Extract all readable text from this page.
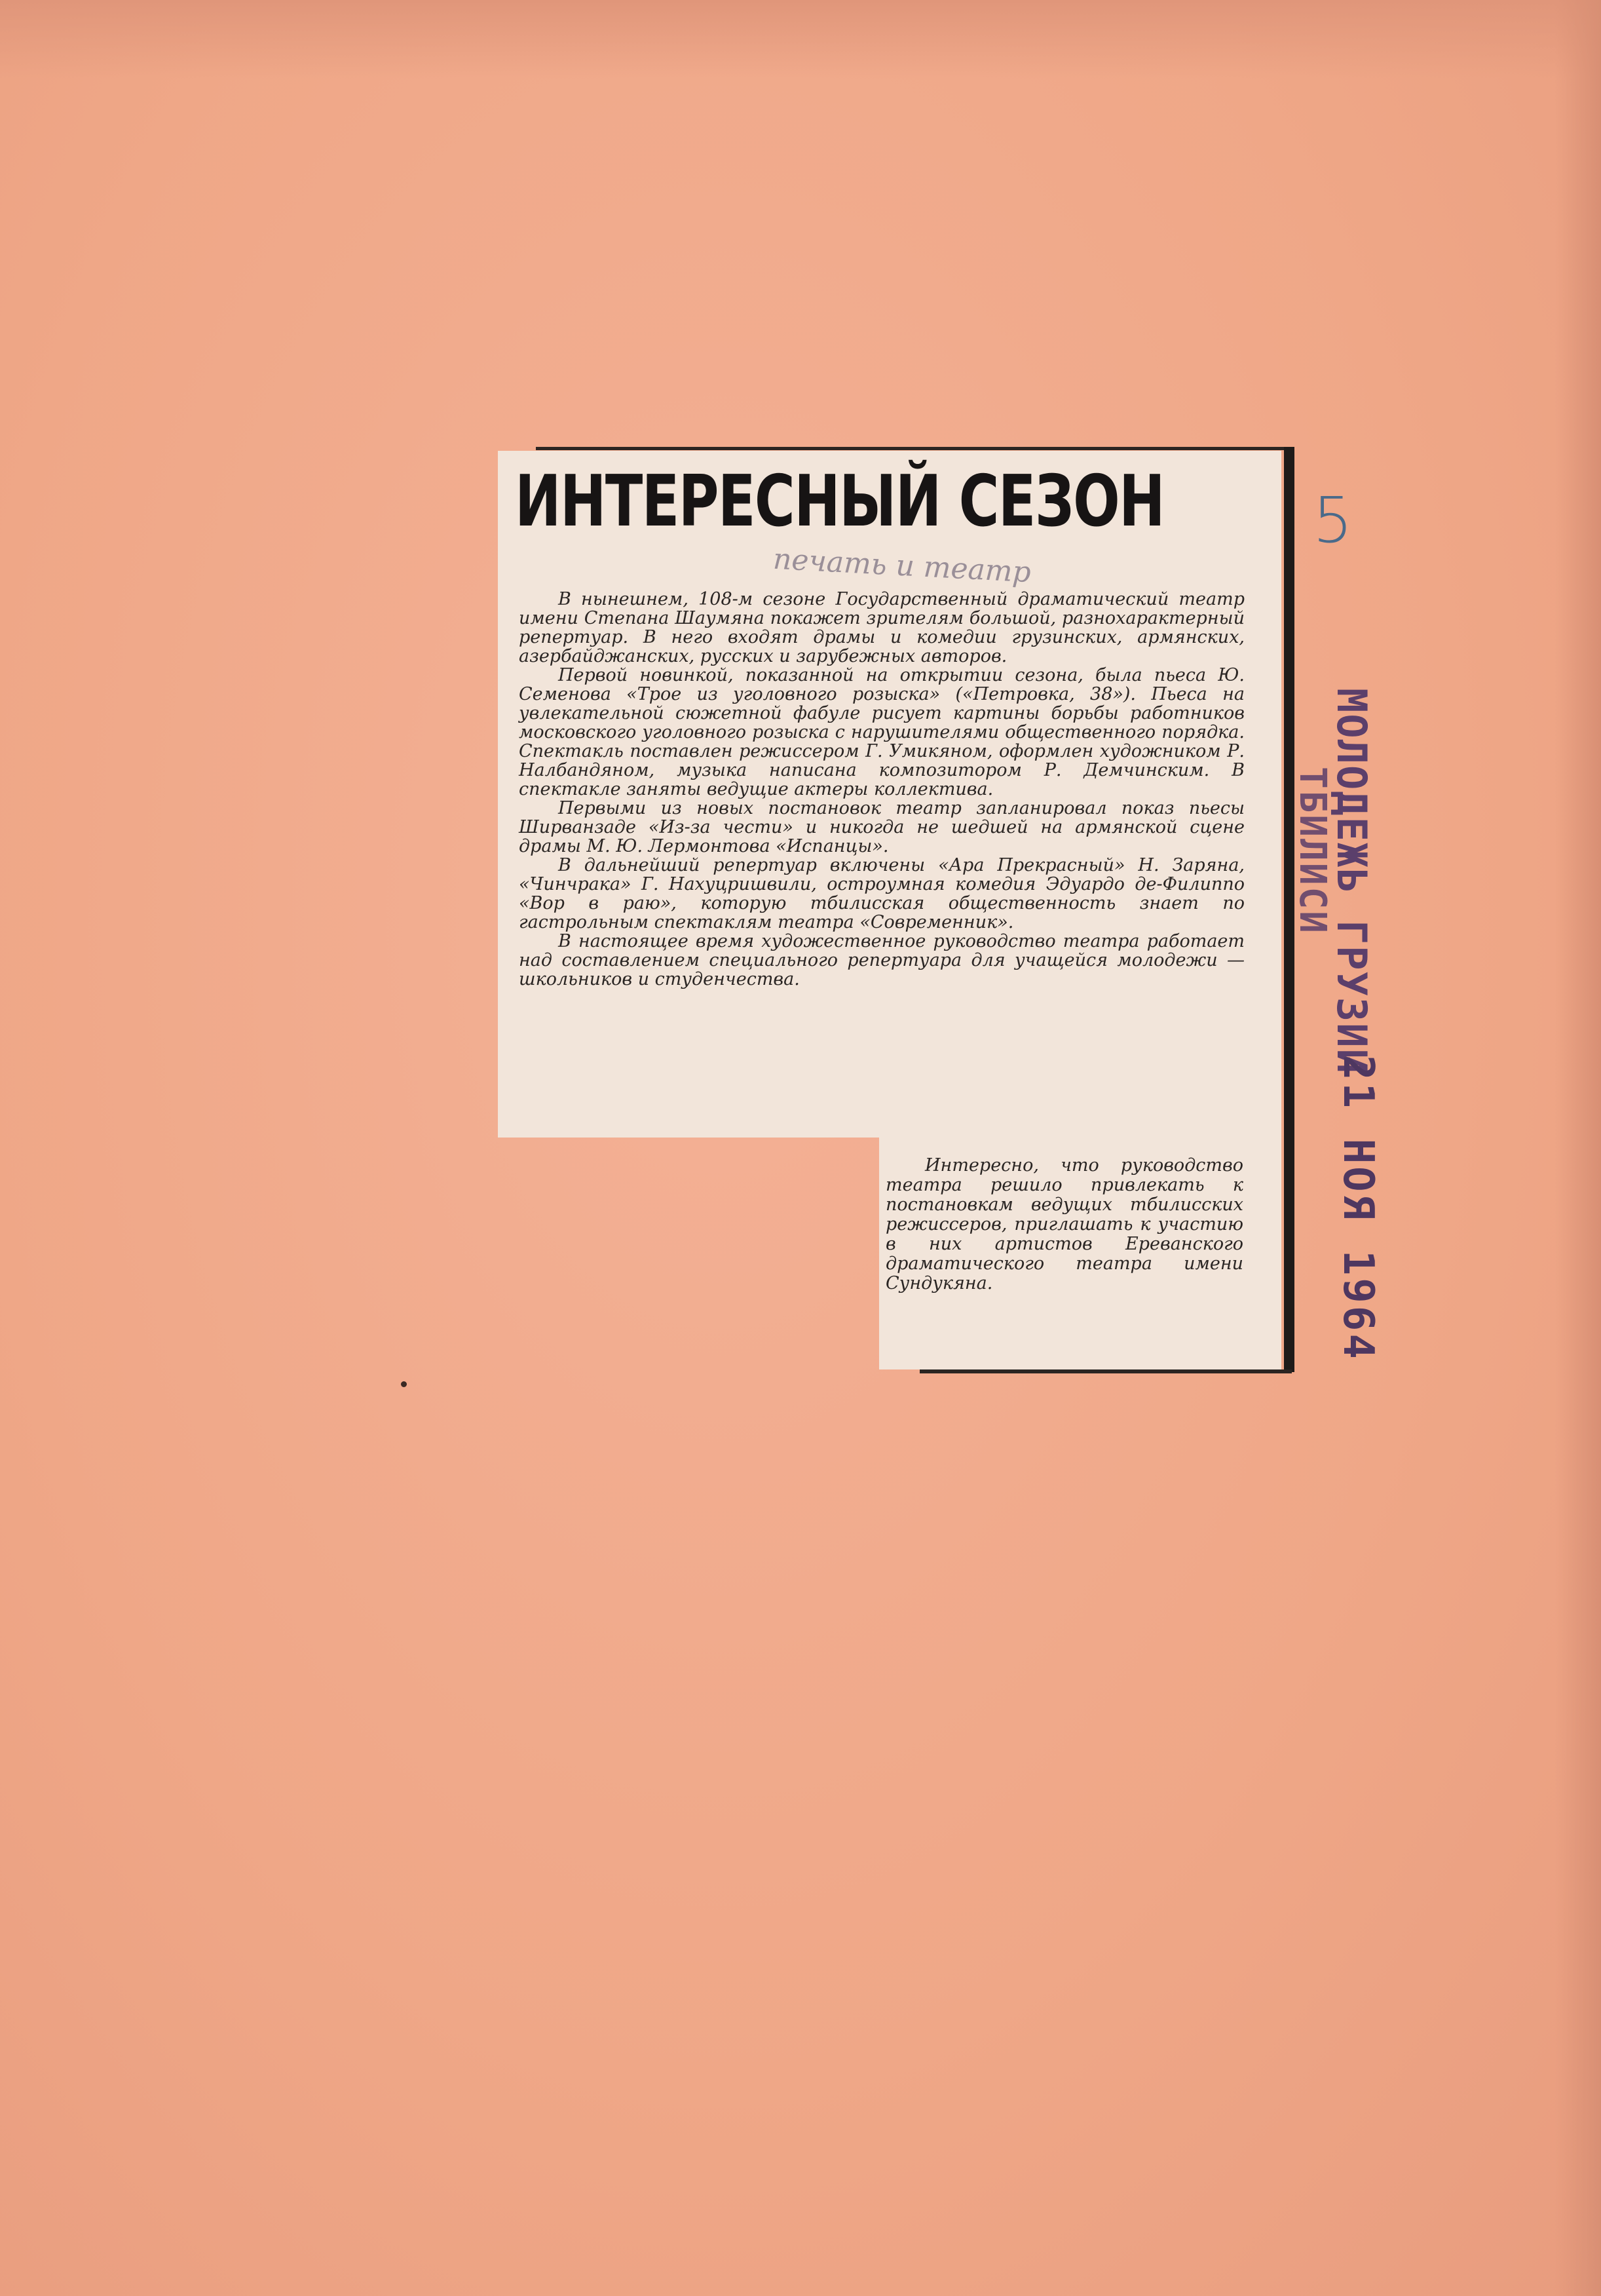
ИНТЕРЕСНЫЙ СЕЗОН
печать и театр

В нынешнем, 108-м сезоне Государственный драматический театр имени Степана Шаумяна покажет зрителям большой, разнохарактерный репертуар. В него входят драмы и комедии грузинских, армянских, азербайджанских, русских и зарубежных авторов.

Первой новинкой, показанной на открытии сезона, была пьеса Ю. Семенова «Трое из уголовного розыска» («Петровка, 38»). Пьеса на увлекательной сюжетной фабуле рисует картины борьбы работников московского уголовного розыска с нарушителями общественного порядка. Спектакль поставлен режиссером Г. Умикяном, оформлен художником Р. Налбандяном, музыка написана композитором Р. Демчинским. В спектакле заняты ведущие актеры коллектива.

Первыми из новых постановок театр запланировал показ пьесы Ширванзаде «Из-за чести» и никогда не шедшей на армянской сцене драмы М. Ю. Лермонтова «Испанцы».

В дальнейший репертуар включены «Ара Прекрасный» Н. Заряна, «Чинчрака» Г. Нахуцришвили, остроумная комедия Эдуардо де-Филиппо «Вор в раю», которую тбилисская общественность знает по гастрольным спектаклям театра «Современник».

В настоящее время художественное руководство театра работает над составлением специального репертуара для учащейся молодежи — школьников и студенчества.

Интересно, что руководство театра решило привлекать к постановкам ведущих тбилисских режиссеров, приглашать к участию в них артистов Ереванского драматического театра имени Сундукяна.

5
МОЛОДЕЖЬ ГРУЗИИ
ТБИЛИСИ
21 НОЯ 1964
